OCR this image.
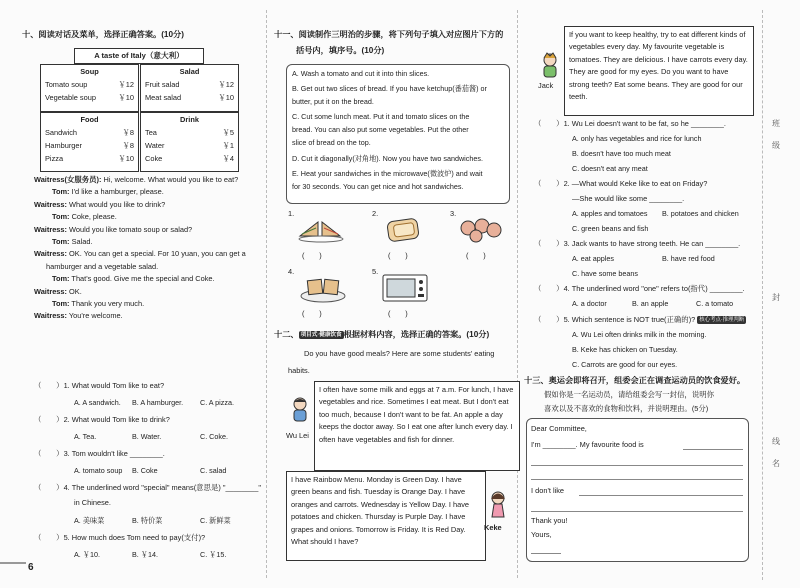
十、阅读对话及菜单，选择正确答案。(10分)
A taste of Italy（意大利）
Soup
Tomato soup	￥12
Vegetable soup	￥10
Salad
Fruit salad	￥12
Meat salad	￥10
Food
Sandwich	￥8
Hamburger	￥8
Pizza	￥10
Drink
Tea	￥5
Water	￥1
Coke	￥4
Waitress(女服务员): Hi, welcome. What would you like to eat?
Tom: I'd like a hamburger, please.
Waitress: What would you like to drink?
Tom: Coke, please.
Waitress: Would you like tomato soup or salad?
Tom: Salad.
Waitress: OK. You can get a special. For 10 yuan, you can get a
hamburger and a vegetable salad.
Tom: That's good. Give me the special and Coke.
Waitress: OK.
Tom: Thank you very much.
Waitress: You're welcome.
（　　）1. What would Tom like to eat?
A. A sandwich. B. A hamburger. C. A pizza.
（　　）2. What would Tom like to drink?
A. Tea.	B. Water.	C. Coke.
（　　）3. Tom wouldn't like ________.
A. tomato soup B. Coke	C. salad
（　　）4. The underlined word "special" means(意思是) "________"
in Chinese.
A. 美味菜	B. 特价菜	C. 新鲜菜
（　　）5. How much does Tom need to pay(支付)?
A. ￥10.	B. ￥14.	C. ￥15.
6
十一、阅读制作三明治的步骤，将下列句子填入对应图片下方的
括号内，填序号。(10分)
A. Wash a tomato and cut it into thin slices.
B. Get out two slices of bread. If you have ketchup(番茄酱) or
butter, put it on the bread.
C. Cut some lunch meat. Put it and tomato slices on the
bread. You can also put some vegetables. Put the other
slice of bread on the top.
D. Cut it diagonally(对角地). Now you have two sandwiches.
E. Heat your sandwiches in the microwave(微波炉) and wait
for 30 seconds. You can get nice and hot sandwiches.
1.	2.	3.
(　　)	(　　)	(　　)
4.	5.
(　　)	(　　)
十二、 项目式·健康饮食 根据材料内容，选择正确的答案。(10分)
Do you have good meals? Here are some students' eating
habits.
Wu Lei
I often have some milk and eggs at 7 a.m. For lunch, I have vegetables and rice. Sometimes I eat meat. But I don't eat too much, because I don't want to be fat. An apple a day keeps the doctor away. So I eat one after lunch every day. I often have vegetables and fish for dinner.
I have Rainbow Menu. Monday is Green Day. I have green beans and fish. Tuesday is Orange Day. I have oranges and carrots. Wednesday is Yellow Day. I have potatoes and chicken. Thursday is Purple Day. I have grapes and onions. Tomorrow is Friday. It is Red Day. What should I have?
Keke
Jack
If you want to keep healthy, try to eat different kinds of vegetables every day. My favourite vegetable is tomatoes. They are delicious. I have carrots every day. They are good for my eyes. Do you want to have strong teeth? Eat some beans. They are good for our teeth.
（　　）1. Wu Lei doesn't want to be fat, so he ________.
A. only has vegetables and rice for lunch
B. doesn't have too much meat
C. doesn't eat any meat
（　　）2. —What would Keke like to eat on Friday?
—She would like some ________.
A. apples and tomatoes B. potatoes and chicken
C. green beans and fish
（　　）3. Jack wants to have strong teeth. He can ________.
A. eat apples	B. have red food
C. have some beans
（　　）4. The underlined word "one" refers to(指代) ________.
A. a doctor	B. an apple	C. a tomato
（　　）5. Which sentence is NOT true(正确的)? 核心考点·推理判断
A. Wu Lei often drinks milk in the morning.
B. Keke has chicken on Tuesday.
C. Carrots are good for our eyes.
十三、奥运会即将召开，组委会正在调查运动员的饮食爱好。
假如你是一名运动员，请给组委会写一封信，说明你
喜欢以及不喜欢的食物和饮料，并说明理由。(5分)
Dear Committee,
I'm ________. My favourite food is
I don't like
Thank you!
Yours,
班
级
封
线
名
